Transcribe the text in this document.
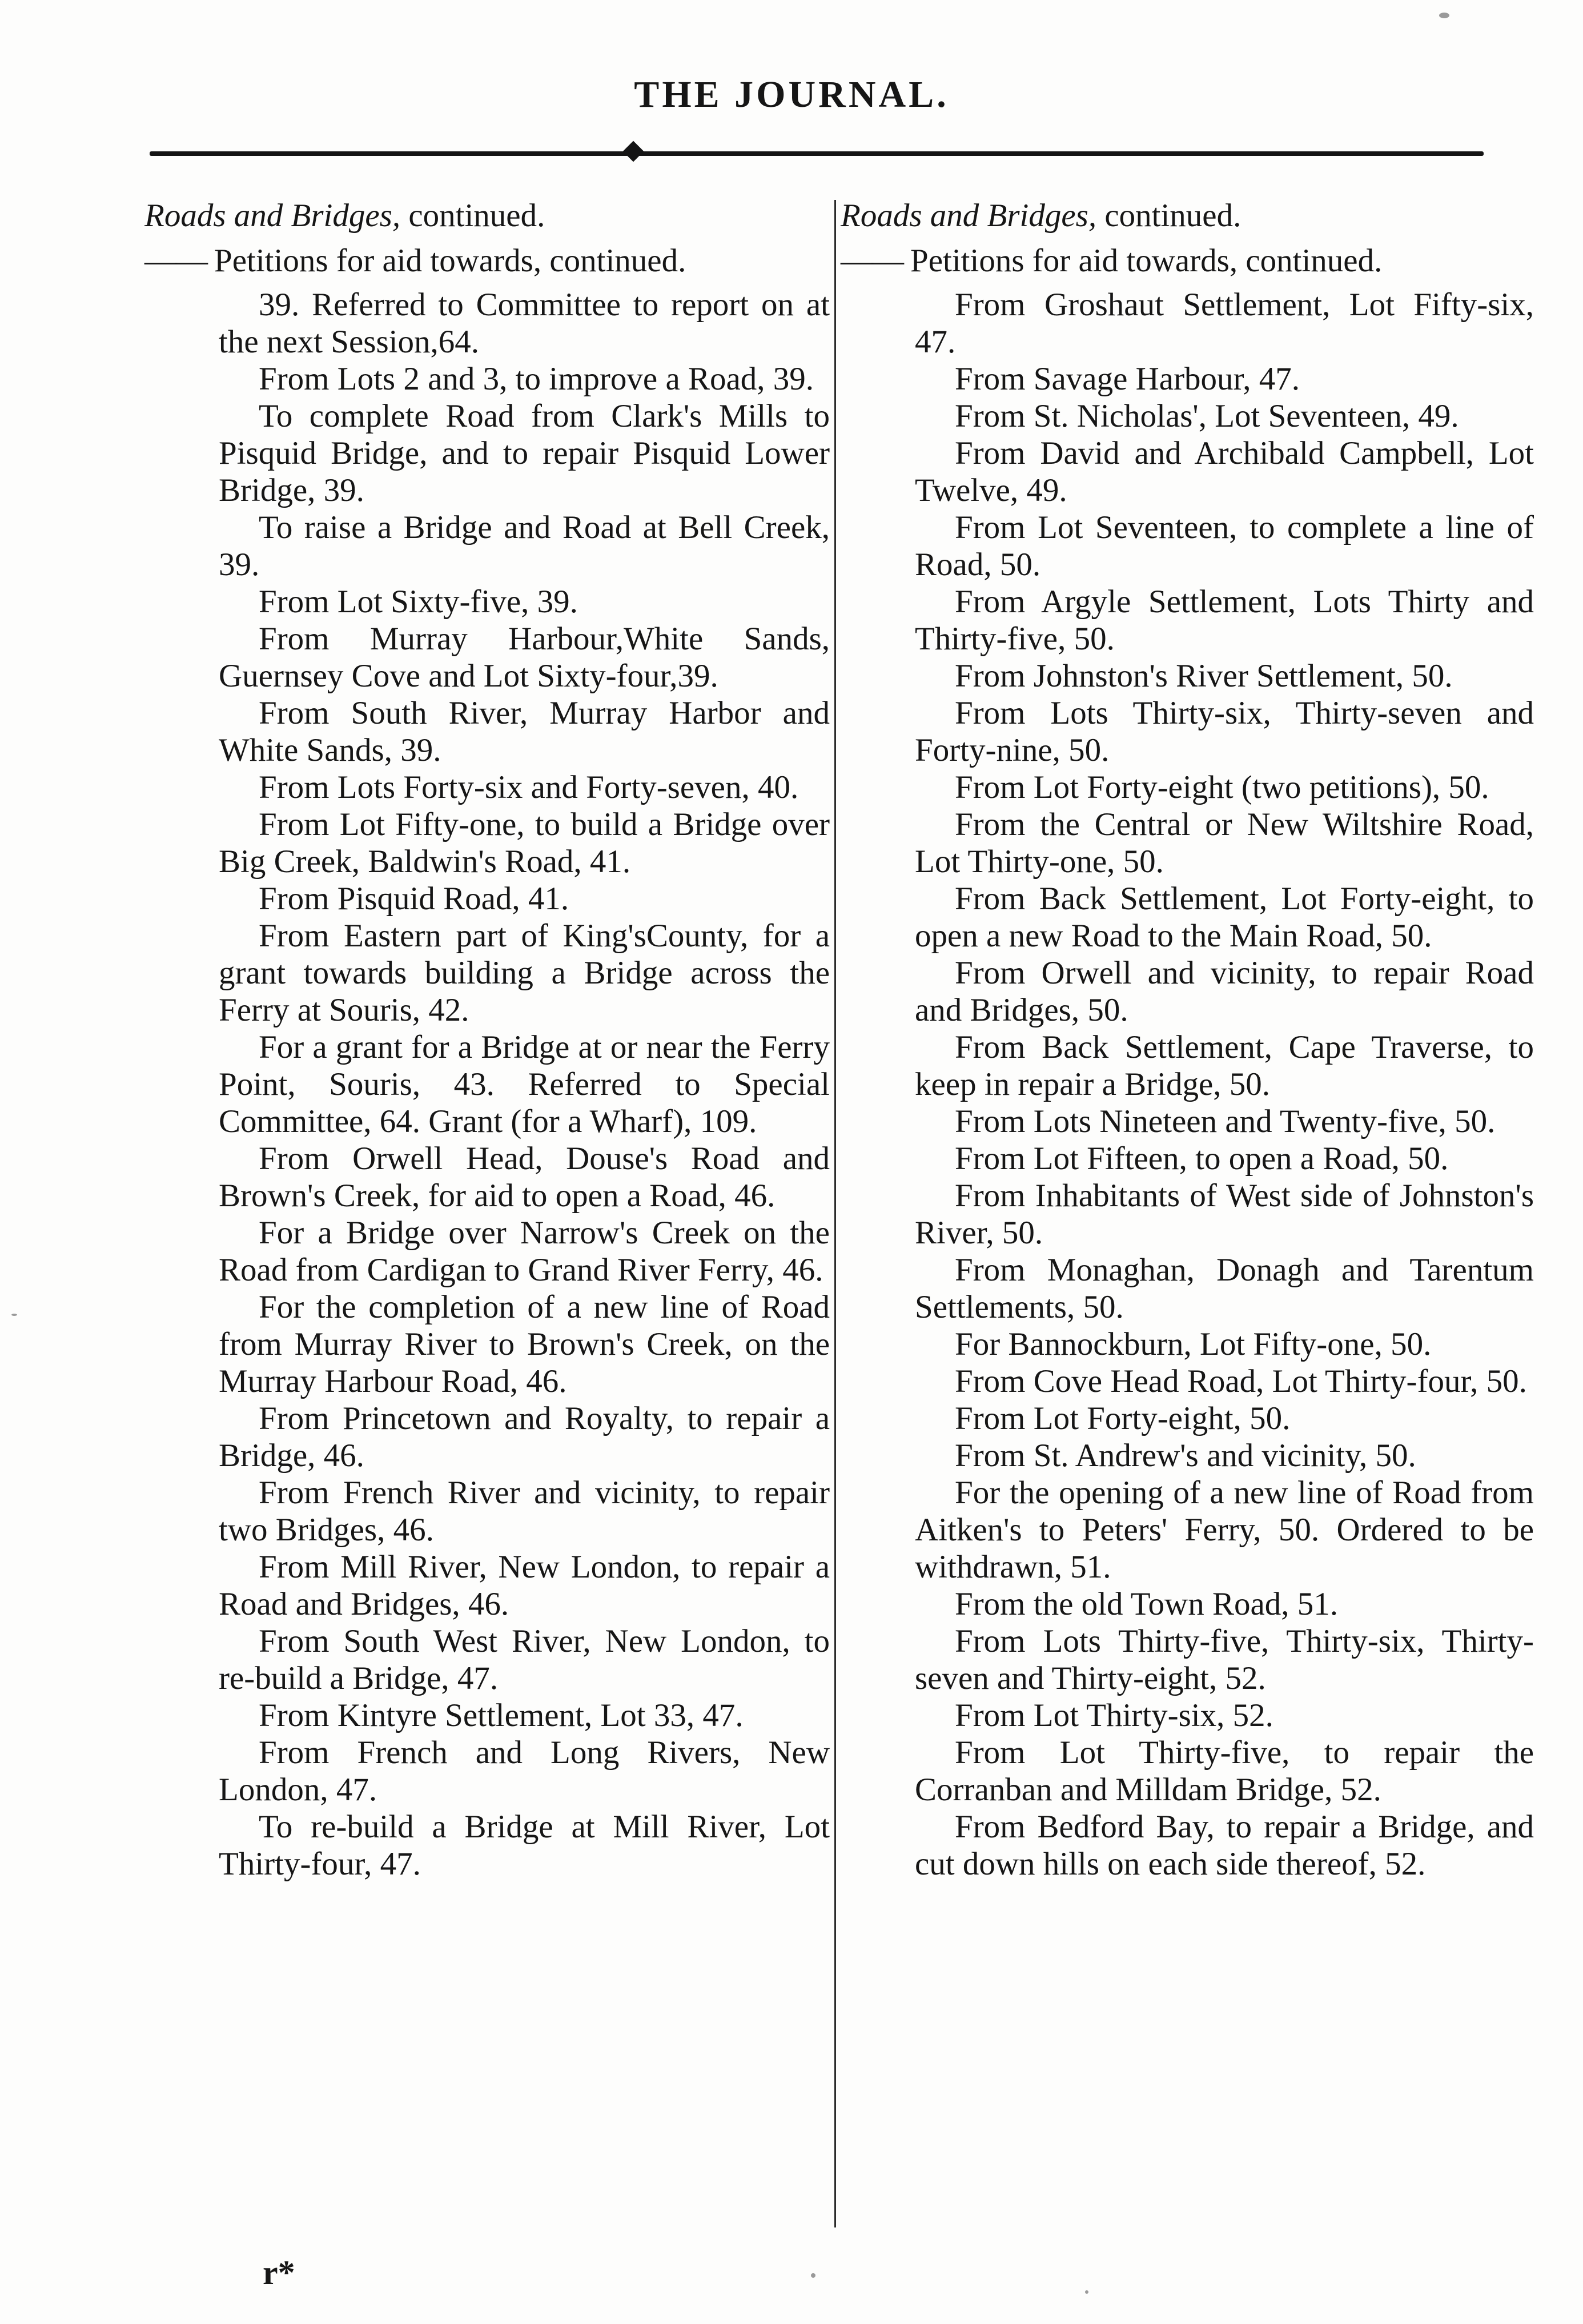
THE JOURNAL.
Roads and Bridges, continued.
—— Petitions for aid towards, continued.
39. Referred to Committee to report on at the next Session,64.
From Lots 2 and 3, to improve a Road, 39.
To complete Road from Clark's Mills to Pisquid Bridge, and to repair Pisquid Lower Bridge, 39.
To raise a Bridge and Road at Bell Creek, 39.
From Lot Sixty-five, 39.
From Murray Harbour,White Sands, Guernsey Cove and Lot Sixty-four,39.
From South River, Murray Harbor and White Sands, 39.
From Lots Forty-six and Forty-seven, 40.
From Lot Fifty-one, to build a Bridge over Big Creek, Baldwin's Road, 41.
From Pisquid Road, 41.
From Eastern part of King'sCounty, for a grant towards building a Bridge across the Ferry at Souris, 42.
For a grant for a Bridge at or near the Ferry Point, Souris, 43. Referred to Special Committee, 64. Grant (for a Wharf), 109.
From Orwell Head, Douse's Road and Brown's Creek, for aid to open a Road, 46.
For a Bridge over Narrow's Creek on the Road from Cardigan to Grand River Ferry, 46.
For the completion of a new line of Road from Murray River to Brown's Creek, on the Murray Harbour Road, 46.
From Princetown and Royalty, to repair a Bridge, 46.
From French River and vicinity, to repair two Bridges, 46.
From Mill River, New London, to repair a Road and Bridges, 46.
From South West River, New London, to re-build a Bridge, 47.
From Kintyre Settlement, Lot 33, 47.
From French and Long Rivers, New London, 47.
To re-build a Bridge at Mill River, Lot Thirty-four, 47.
Roads and Bridges, continued.
—— Petitions for aid towards, continued.
From Groshaut Settlement, Lot Fifty-six, 47.
From Savage Harbour, 47.
From St. Nicholas', Lot Seventeen, 49.
From David and Archibald Campbell, Lot Twelve, 49.
From Lot Seventeen, to complete a line of Road, 50.
From Argyle Settlement, Lots Thirty and Thirty-five, 50.
From Johnston's River Settlement, 50.
From Lots Thirty-six, Thirty-seven and Forty-nine, 50.
From Lot Forty-eight (two petitions), 50.
From the Central or New Wiltshire Road, Lot Thirty-one, 50.
From Back Settlement, Lot Forty-eight, to open a new Road to the Main Road, 50.
From Orwell and vicinity, to repair Road and Bridges, 50.
From Back Settlement, Cape Traverse, to keep in repair a Bridge, 50.
From Lots Nineteen and Twenty-five, 50.
From Lot Fifteen, to open a Road, 50.
From Inhabitants of West side of Johnston's River, 50.
From Monaghan, Donagh and Tarentum Settlements, 50.
For Bannockburn, Lot Fifty-one, 50.
From Cove Head Road, Lot Thirty-four, 50.
From Lot Forty-eight, 50.
From St. Andrew's and vicinity, 50.
For the opening of a new line of Road from Aitken's to Peters' Ferry, 50. Ordered to be withdrawn, 51.
From the old Town Road, 51.
From Lots Thirty-five, Thirty-six, Thirty-seven and Thirty-eight, 52.
From Lot Thirty-six, 52.
From Lot Thirty-five, to repair the Corranban and Milldam Bridge, 52.
From Bedford Bay, to repair a Bridge, and cut down hills on each side thereof, 52.
r*
